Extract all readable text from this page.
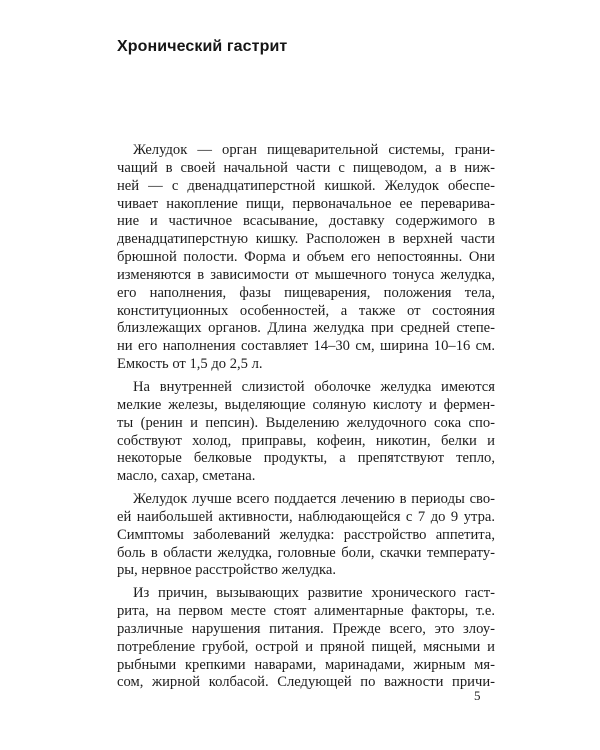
Хронический гастрит
Желудок — орган пищеварительной системы, грани-
чащий в своей начальной части с пищеводом, а в ниж-
ней — с двенадцатиперстной кишкой. Желудок обеспе-
чивает накопление пищи, первоначальное ее переварива-
ние и частичное всасывание, доставку содержимого в
двенадцатиперстную кишку. Расположен в верхней части
брюшной полости. Форма и объем его непостоянны. Они
изменяются в зависимости от мышечного тонуса желудка,
его наполнения, фазы пищеварения, положения тела,
конституционных особенностей, а также от состояния
близлежащих органов. Длина желудка при средней степе-
ни его наполнения составляет 14–30 см, ширина 10–16 см.
Емкость от 1,5 до 2,5 л.
На внутренней слизистой оболочке желудка имеются
мелкие железы, выделяющие соляную кислоту и фермен-
ты (ренин и пепсин). Выделению желудочного сока спо-
собствуют холод, приправы, кофеин, никотин, белки и
некоторые белковые продукты, а препятствуют тепло,
масло, сахар, сметана.
Желудок лучше всего поддается лечению в периоды сво-
ей наибольшей активности, наблюдающейся с 7 до 9 утра.
Симптомы заболеваний желудка: расстройство аппетита,
боль в области желудка, головные боли, скачки температу-
ры, нервное расстройство желудка.
Из причин, вызывающих развитие хронического гаст-
рита, на первом месте стоят алиментарные факторы, т.е.
различные нарушения питания. Прежде всего, это злоу-
потребление грубой, острой и пряной пищей, мясными и
рыбными крепкими наварами, маринадами, жирным мя-
сом, жирной колбасой. Следующей по важности причи-
5
